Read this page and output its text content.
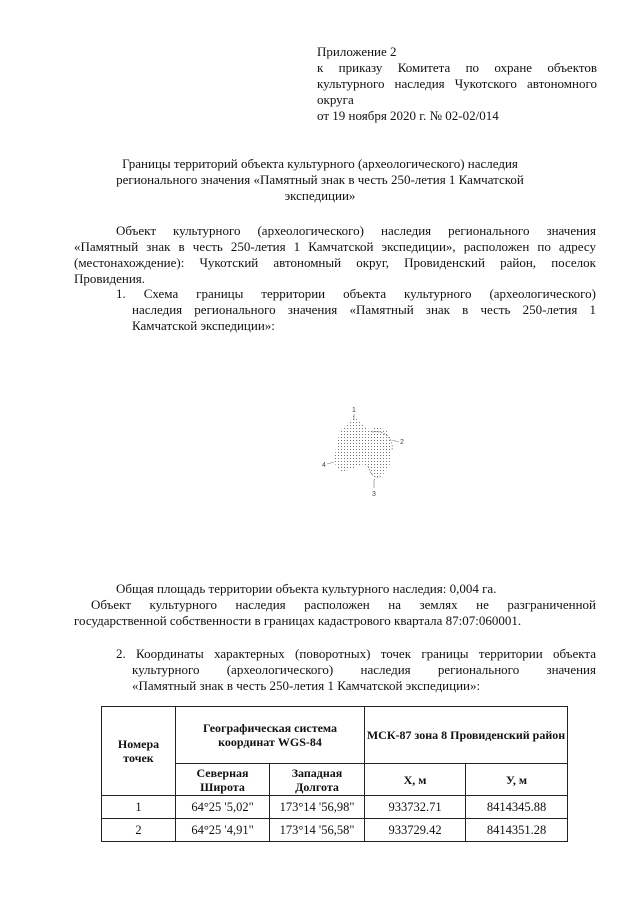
Приложение 2
к приказу Комитета по охране объектов
культурного наследия Чукотского автономного
округа
от 19 ноября 2020 г. № 02-02/014
Границы территорий объекта культурного (археологического) наследия
регионального значения «Памятный знак в честь 250-летия 1 Камчатской
экспедиции»
Объект культурного (археологического) наследия регионального значения
«Памятный знак в честь 250-летия 1 Камчатской экспедиции», расположен по адресу
(местонахождение): Чукотский автономный округ, Провиденский район, поселок
Провидения.
1. Схема границы территории объекта культурного (археологического)
наследия регионального значения «Памятный знак в честь 250-летия 1
Камчатской экспедиции»:
1
2
3
4
Общая площадь территории объекта культурного наследия: 0,004 га.
Объект культурного наследия расположен на землях не разграниченной
государственной собственности в границах кадастрового квартала 87:07:060001.
2. Координаты характерных (поворотных) точек границы территории объекта
культурного (археологического) наследия регионального значения
«Памятный знак в честь 250-летия 1 Камчатской экспедиции»:
Номера точек	Географическая система координат WGS-84		МСК-87 зона 8 Провиденский район	
	Северная Широта	Западная Долгота	Х, м	У, м
1	64°25 '5,02"	173°14 '56,98"	933732.71	8414345.88
2	64°25 '4,91"	173°14 '56,58"	933729.42	8414351.28
